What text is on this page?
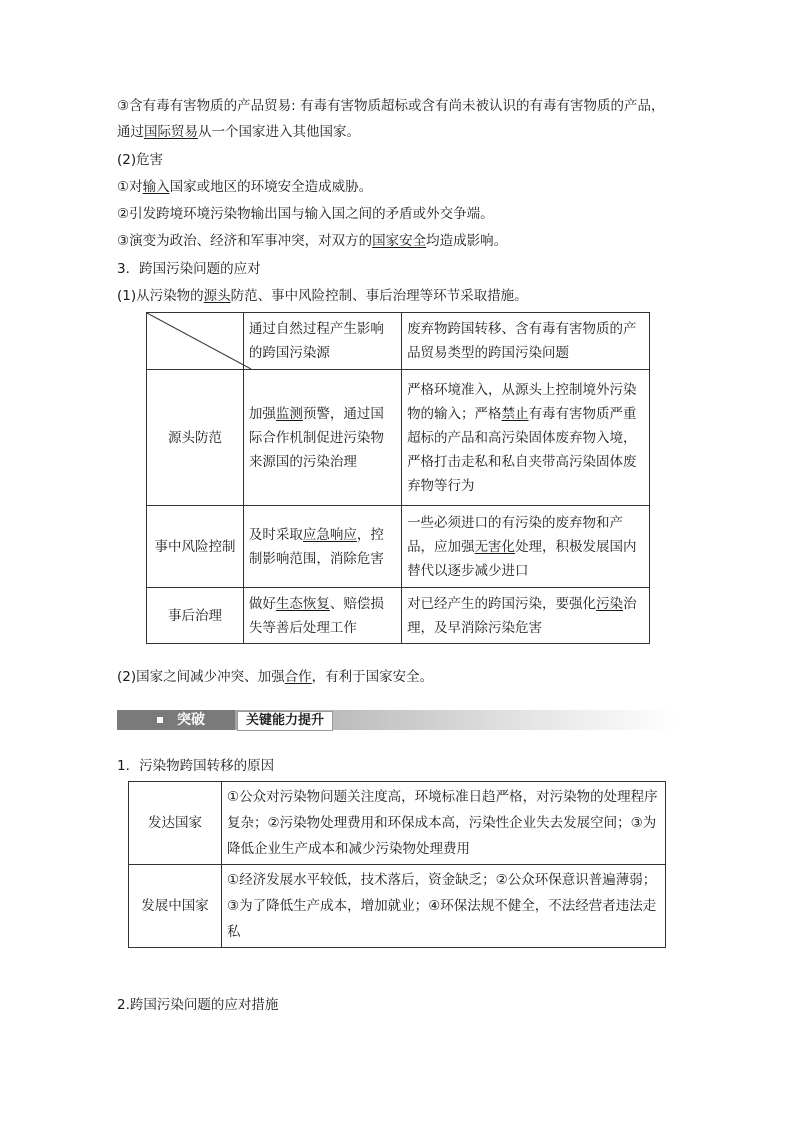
③含有毒有害物质的产品贸易: 有毒有害物质超标或含有尚未被认识的有毒有害物质的产品，
通过国际贸易从一个国家进入其他国家。
(2)危害
①对输入国家或地区的环境安全造成威胁。
②引发跨境环境污染物输出国与输入国之间的矛盾或外交争端。
③演变为政治、经济和军事冲突，对双方的国家安全均造成影响。
3．跨国污染问题的应对
(1)从污染物的源头防范、事中风险控制、事后治理等环节采取措施。
	通过自然过程产生影响的跨国污染源	废弃物跨国转移、含有毒有害物质的产品贸易类型的跨国污染问题
源头防范	加强监测预警，通过国际合作机制促进污染物来源国的污染治理	严格环境准入，从源头上控制境外污染物的输入；严格禁止有毒有害物质严重超标的产品和高污染固体废弃物入境，严格打击走私和私自夹带高污染固体废弃物等行为
事中风险控制	及时采取应急响应，控制影响范围，消除危害	一些必须进口的有污染的废弃物和产品，应加强无害化处理，积极发展国内替代以逐步减少进口
事后治理	做好生态恢复、赔偿损失等善后处理工作	对已经产生的跨国污染，要强化污染治理，及早消除污染危害
(2)国家之间减少冲突、加强合作，有利于国家安全。
突破	关键能力提升
1．污染物跨国转移的原因
发达国家	①公众对污染物问题关注度高，环境标准日趋严格，对污染物的处理程序复杂；②污染物处理费用和环保成本高，污染性企业失去发展空间；③为降低企业生产成本和减少污染物处理费用
发展中国家	①经济发展水平较低，技术落后，资金缺乏；②公众环保意识普遍薄弱；③为了降低生产成本，增加就业；④环保法规不健全，不法经营者违法走私
2.跨国污染问题的应对措施
